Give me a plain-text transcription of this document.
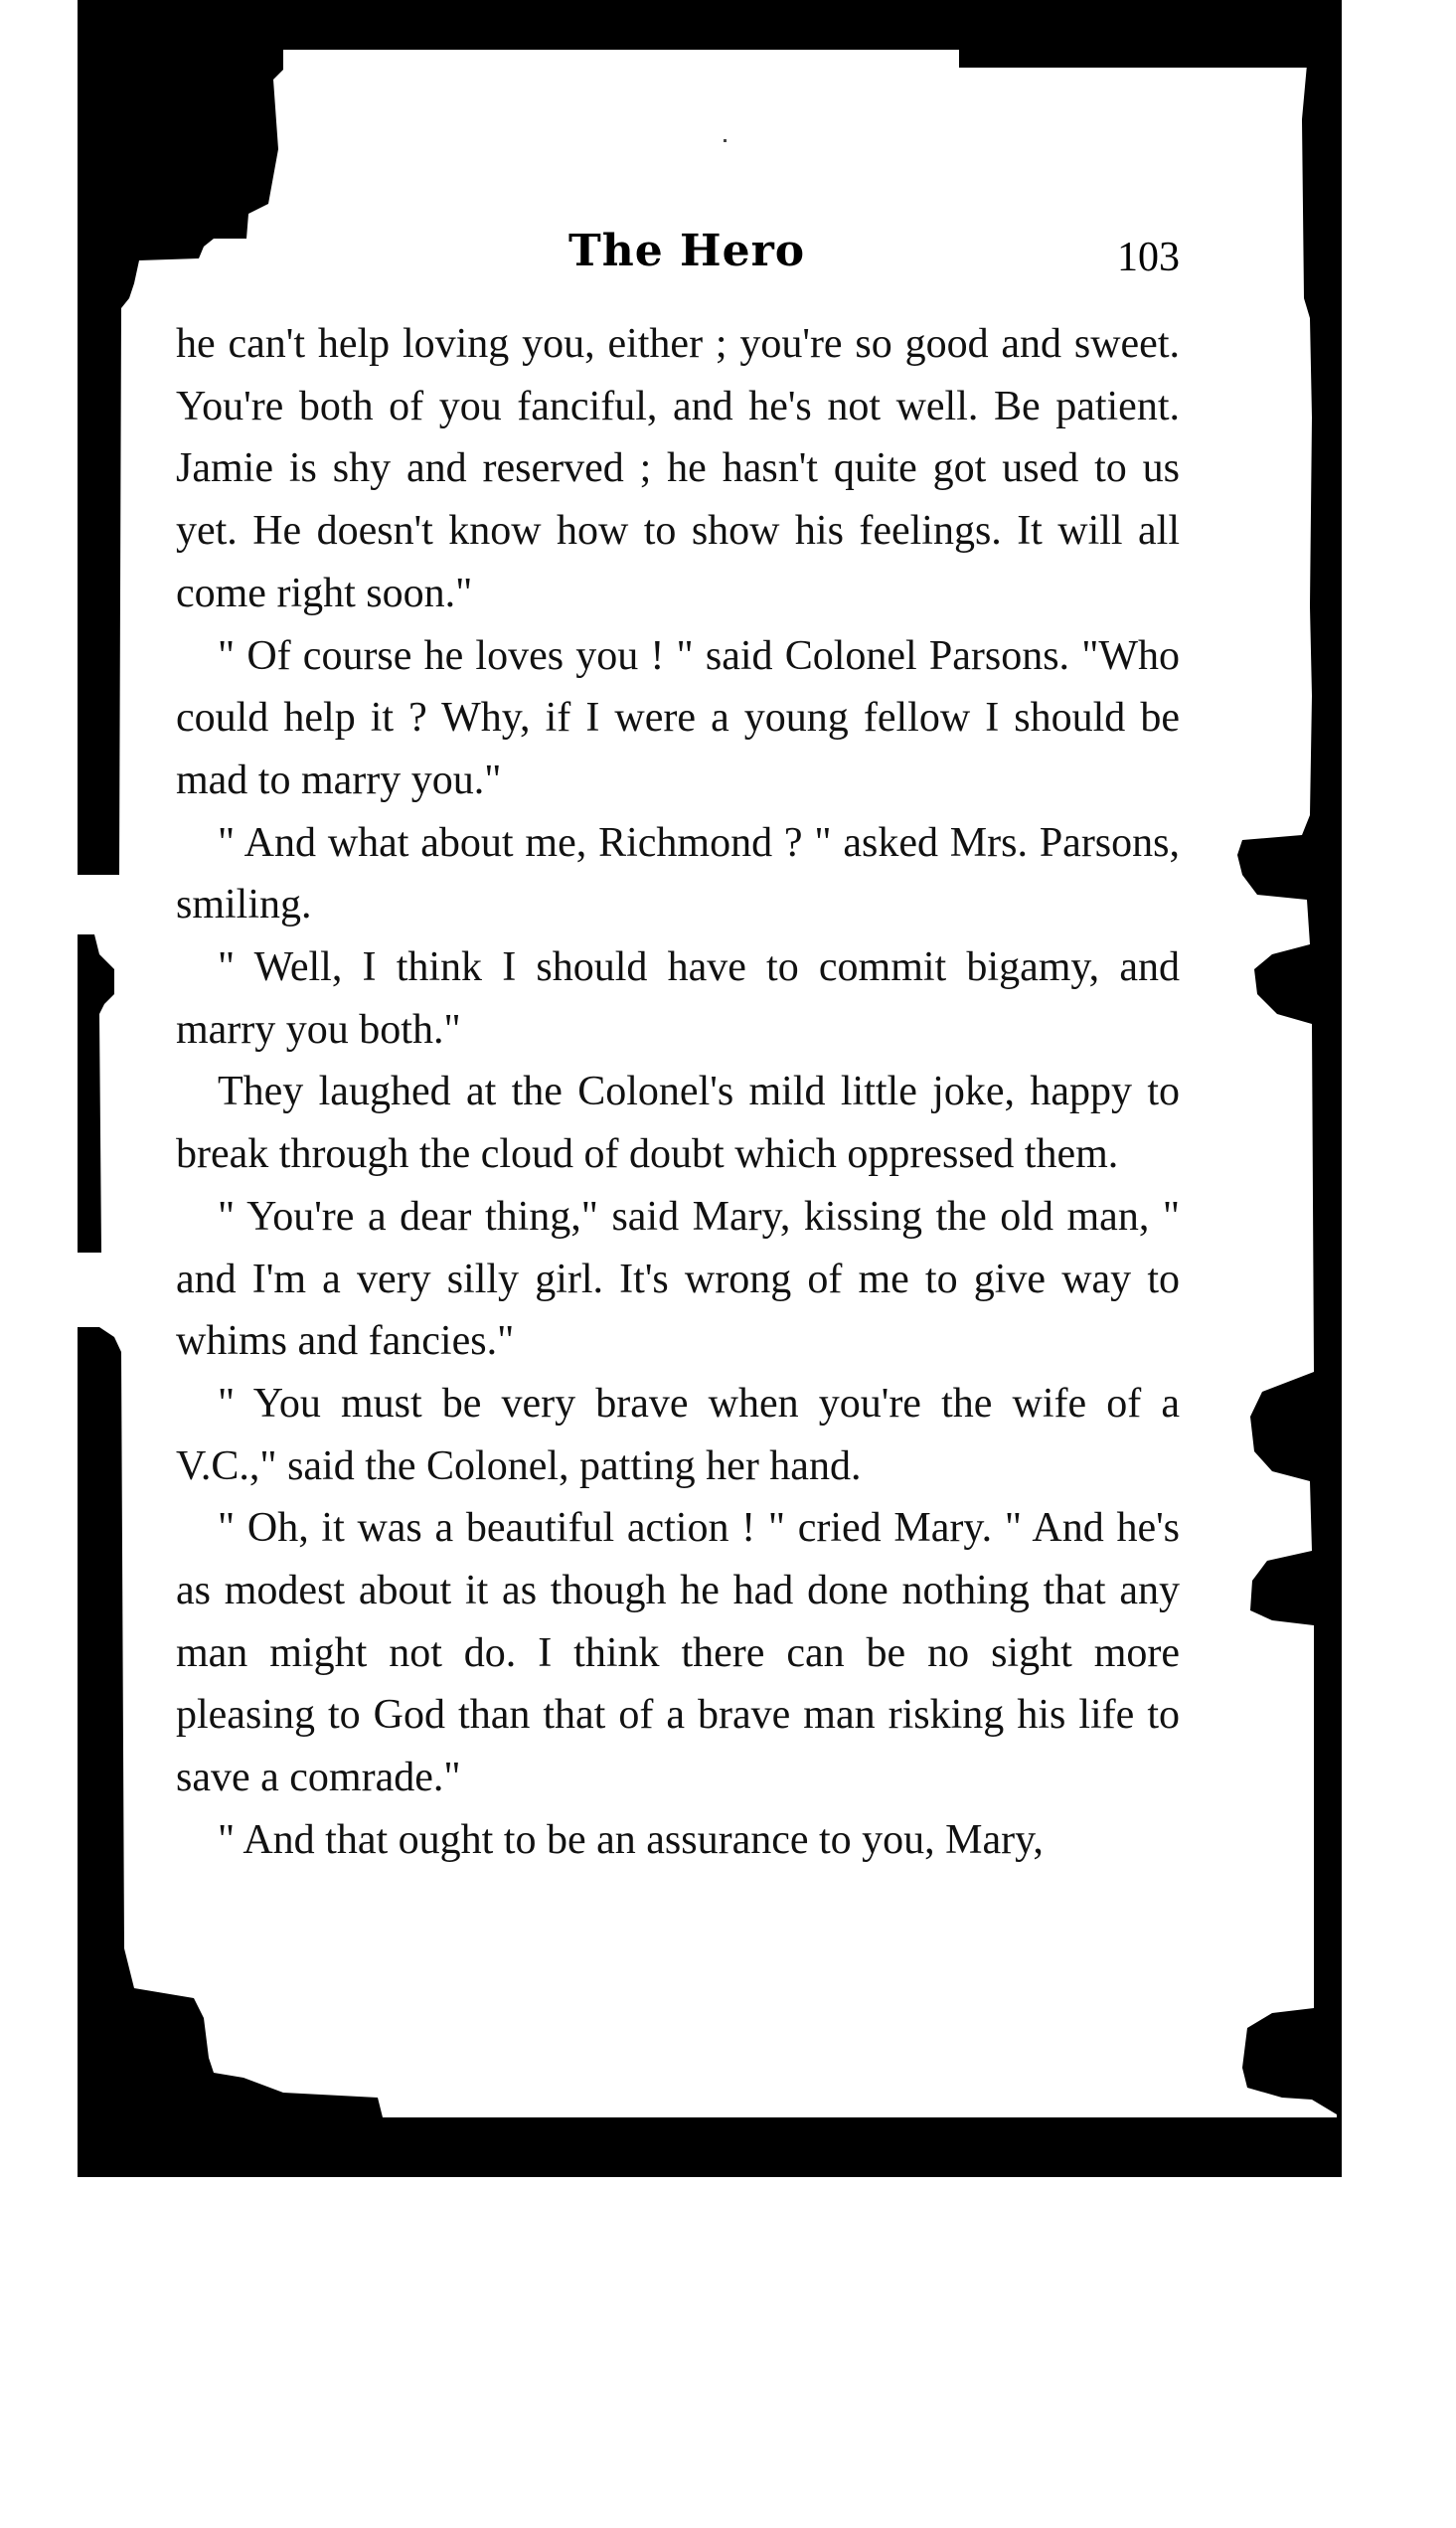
The Hero	103

he can't help loving you, either ; you're so good and sweet. You're both of you fanciful, and he's not well. Be patient. Jamie is shy and reserved ; he hasn't quite got used to us yet. He doesn't know how to show his feelings. It will all come right soon."

" Of course he loves you ! " said Colonel Parsons. "Who could help it ? Why, if I were a young fellow I should be mad to marry you."

" And what about me, Richmond ? " asked Mrs. Parsons, smiling.

" Well, I think I should have to commit bigamy, and marry you both."

They laughed at the Colonel's mild little joke, happy to break through the cloud of doubt which oppressed them.

" You're a dear thing," said Mary, kissing the old man, " and I'm a very silly girl. It's wrong of me to give way to whims and fancies."

" You must be very brave when you're the wife of a V.C.," said the Colonel, patting her hand.

" Oh, it was a beautiful action ! " cried Mary. " And he's as modest about it as though he had done nothing that any man might not do. I think there can be no sight more pleasing to God than that of a brave man risking his life to save a comrade."

" And that ought to be an assurance to you, Mary,
